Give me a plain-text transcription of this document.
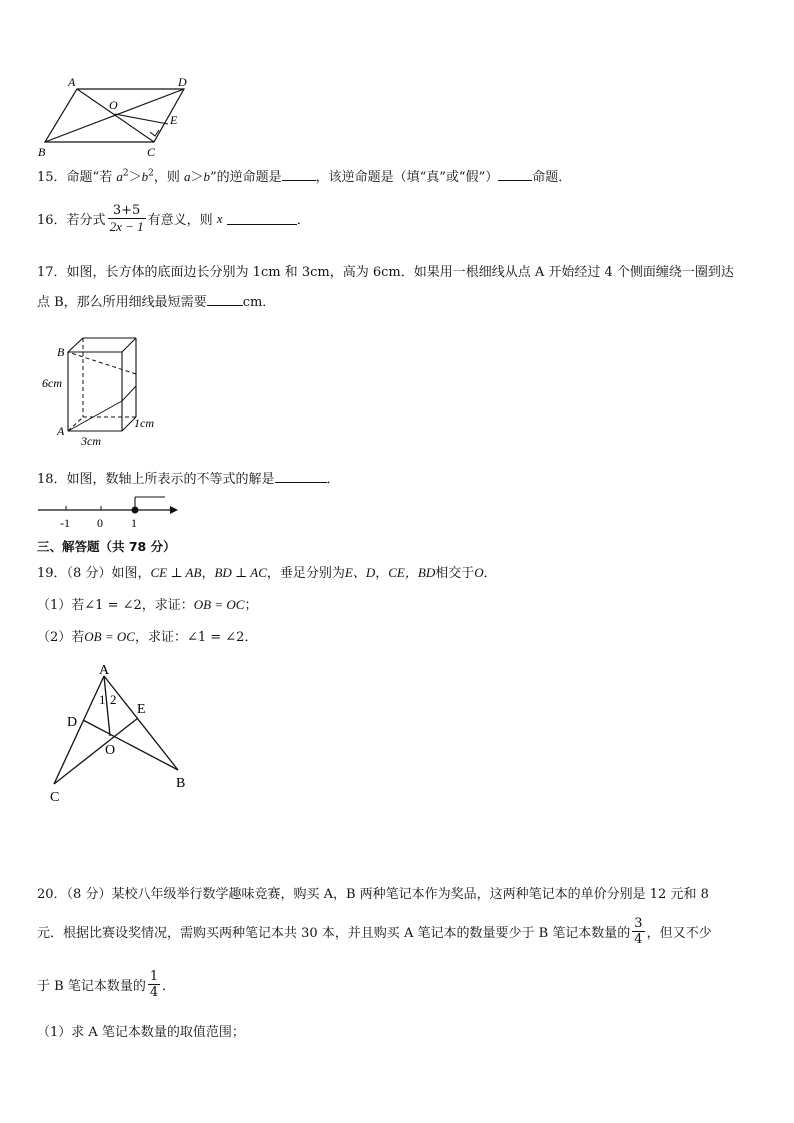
A	D
O
E
B	C
15．命题“若 $a^2>b^2$，则 a＞b”的逆命题是	，该逆命题是（填“真”或“假”）	命题．
16． 若分式 $\frac{3+5}{2x - 1}$ 有意义，则
x
	．
17．如图，长方体的底面边长分别为 1cm 和 3cm，高为 6cm．如果用一根细线从点 A 开始经过 4 个侧面缠绕一圈到达
点 B，那么所用细线最短需要	cm．
B
6cm
A
3cm
1cm
18．如图，数轴上所表示的不等式的解是	．
-1 0 1
三、解答题（共 78 分）
19．（8 分）如图，CE ⊥ AB，BD ⊥ AC，垂足分别为E、D，CE，BD相交于O．
（1）若∠1 = ∠2，求证：OB = OC；
（2）若OB = OC，求证：∠1 = ∠2．
A
1 2
D
E
O
C
B
20．（8 分）某校八年级举行数学趣味竞赛，购买 A，B 两种笔记本作为奖品，这两种笔记本的单价分别是 12 元和 8
元．根据比赛设奖情况，需购买两种笔记本共 30 本，并且购买 A 笔记本的数量要少于 B 笔记本数量的 $\frac{3}{4}$ ，但又不少
于 B 笔记本数量的 $\frac{1}{4}$ ．
（1）求 A 笔记本数量的取值范围；
